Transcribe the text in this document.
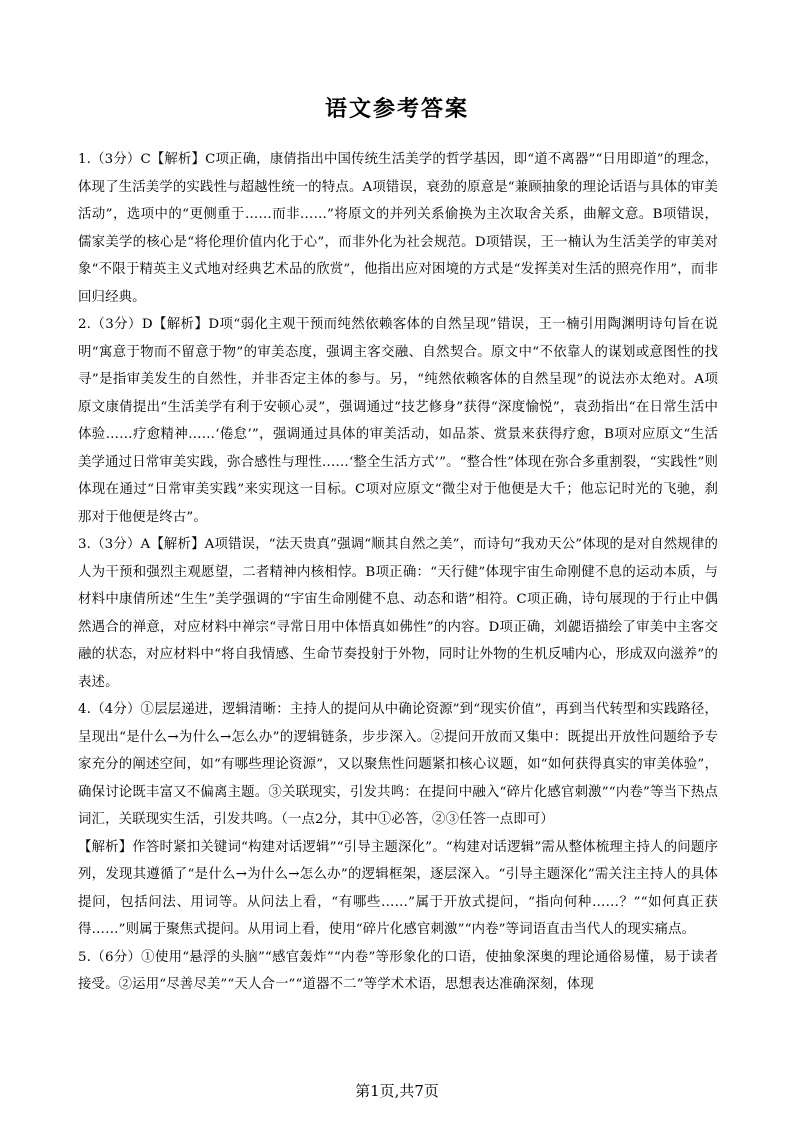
语文参考答案

1.（3分）C【解析】C项正确，康倩指出中国传统生活美学的哲学基因，即“道不离器”“日用即道”的理念，体现了生活美学的实践性与超越性统一的特点。A项错误，衰劲的原意是“兼顾抽象的理论话语与具体的审美活动”，选项中的“更侧重于……而非……”将原文的并列关系偷换为主次取舍关系，曲解文意。B项错误，儒家美学的核心是“将伦理价值内化于心”，而非外化为社会规范。D项错误，王一楠认为生活美学的审美对象“不限于精英主义式地对经典艺术品的欣赏”，他指出应对困境的方式是“发挥美对生活的照亮作用”，而非回归经典。

2.（3分）D【解析】D项“弱化主观干预而纯然依赖客体的自然呈现”错误，王一楠引用陶渊明诗句旨在说明“寓意于物而不留意于物”的审美态度，强调主客交融、自然契合。原文中“不依靠人的谋划或意图性的找寻”是指审美发生的自然性，并非否定主体的参与。另，“纯然依赖客体的自然呈现”的说法亦太绝对。A项原文康倩提出“生活美学有利于安顿心灵”，强调通过“技艺修身”获得“深度愉悦”，袁劲指出“在日常生活中体验……疗愈精神……‘倦怠’”，强调通过具体的审美活动，如品茶、赏景来获得疗愈，B项对应原文“生活美学通过日常审美实践，弥合感性与理性……‘整全生活方式’”。“整合性”体现在弥合多重割裂，“实践性”则体现在通过“日常审美实践”来实现这一目标。C项对应原文“微尘对于他便是大千；他忘记时光的飞驰，刹那对于他便是终古”。

3.（3分）A【解析】A项错误，“法天贵真”强调“顺其自然之美”，而诗句“我劝天公”体现的是对自然规律的人为干预和强烈主观愿望，二者精神内核相悖。B项正确：“天行健”体现宇宙生命刚健不息的运动本质，与材料中康倩所述“生生”美学强调的“宇宙生命刚健不息、动态和谐”相符。C项正确，诗句展现的于行止中偶然遇合的禅意，对应材料中禅宗“寻常日用中体悟真如佛性”的内容。D项正确，刘勰语描绘了审美中主客交融的状态，对应材料中“将自我情感、生命节奏投射于外物，同时让外物的生机反哺内心，形成双向滋养”的表述。

4.（4分）①层层递进，逻辑清晰：主持人的提问从中确论资源”到“现实价值”，再到当代转型和实践路径，呈现出“是什么→为什么→怎么办”的逻辑链条，步步深入。②提问开放而又集中：既提出开放性问题给予专家充分的阐述空间，如“有哪些理论资源”，又以聚焦性问题紧扣核心议题，如“如何获得真实的审美体验”，确保讨论既丰富又不偏离主题。③关联现实，引发共鸣：在提问中融入“碎片化感官刺激”“内卷”等当下热点词汇，关联现实生活，引发共鸣。（一点2分，其中①必答，②③任答一点即可）

【解析】作答时紧扣关键词“构建对话逻辑”“引导主题深化”。“构建对话逻辑”需从整体梳理主持人的问题序列，发现其遵循了“是什么→为什么→怎么办”的逻辑框架，逐层深入。“引导主题深化”需关注主持人的具体提问，包括问法、用词等。从问法上看，“有哪些……”属于开放式提问，“指向何种……？”“如何真正获得……”则属于聚焦式提问。从用词上看，使用“碎片化感官刺激”“内卷”等词语直击当代人的现实痛点。

5.（6分）①使用“悬浮的头脑”“感官轰炸”“内卷”等形象化的口语，使抽象深奥的理论通俗易懂，易于读者接受。②运用“尽善尽美”“天人合一”“道器不二”等学术术语，思想表达准确深刻，体现

第1页,共7页
